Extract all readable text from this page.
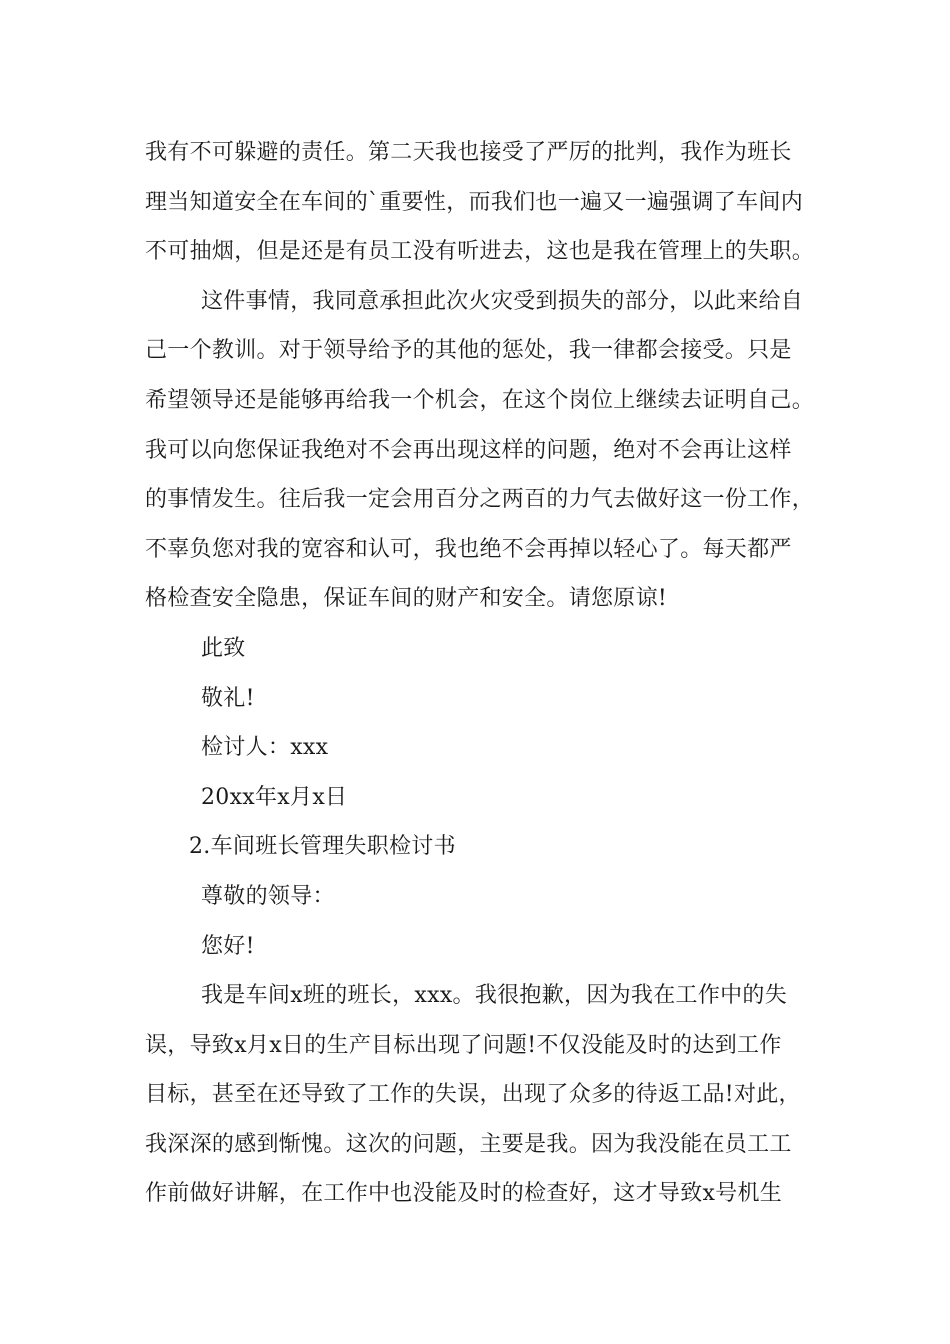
我有不可躲避的责任。第二天我也接受了严厉的批判，我作为班长
理当知道安全在车间的`重要性，而我们也一遍又一遍强调了车间内
不可抽烟，但是还是有员工没有听进去，这也是我在管理上的失职。
这件事情，我同意承担此次火灾受到损失的部分，以此来给自
己一个教训。对于领导给予的其他的惩处，我一律都会接受。只是
希望领导还是能够再给我一个机会，在这个岗位上继续去证明自己。
我可以向您保证我绝对不会再出现这样的问题，绝对不会再让这样
的事情发生。往后我一定会用百分之两百的力气去做好这一份工作，
不辜负您对我的宽容和认可，我也绝不会再掉以轻心了。每天都严
格检查安全隐患，保证车间的财产和安全。请您原谅!
此致
敬礼!
检讨人：xxx
20xx年x月x日
2.车间班长管理失职检讨书
尊敬的领导：
您好!
我是车间x班的班长，xxx。我很抱歉，因为我在工作中的失
误，导致x月x日的生产目标出现了问题!不仅没能及时的达到工作
目标，甚至在还导致了工作的失误，出现了众多的待返工品!对此，
我深深的感到惭愧。这次的问题，主要是我。因为我没能在员工工
作前做好讲解，在工作中也没能及时的检查好，这才导致x号机生
